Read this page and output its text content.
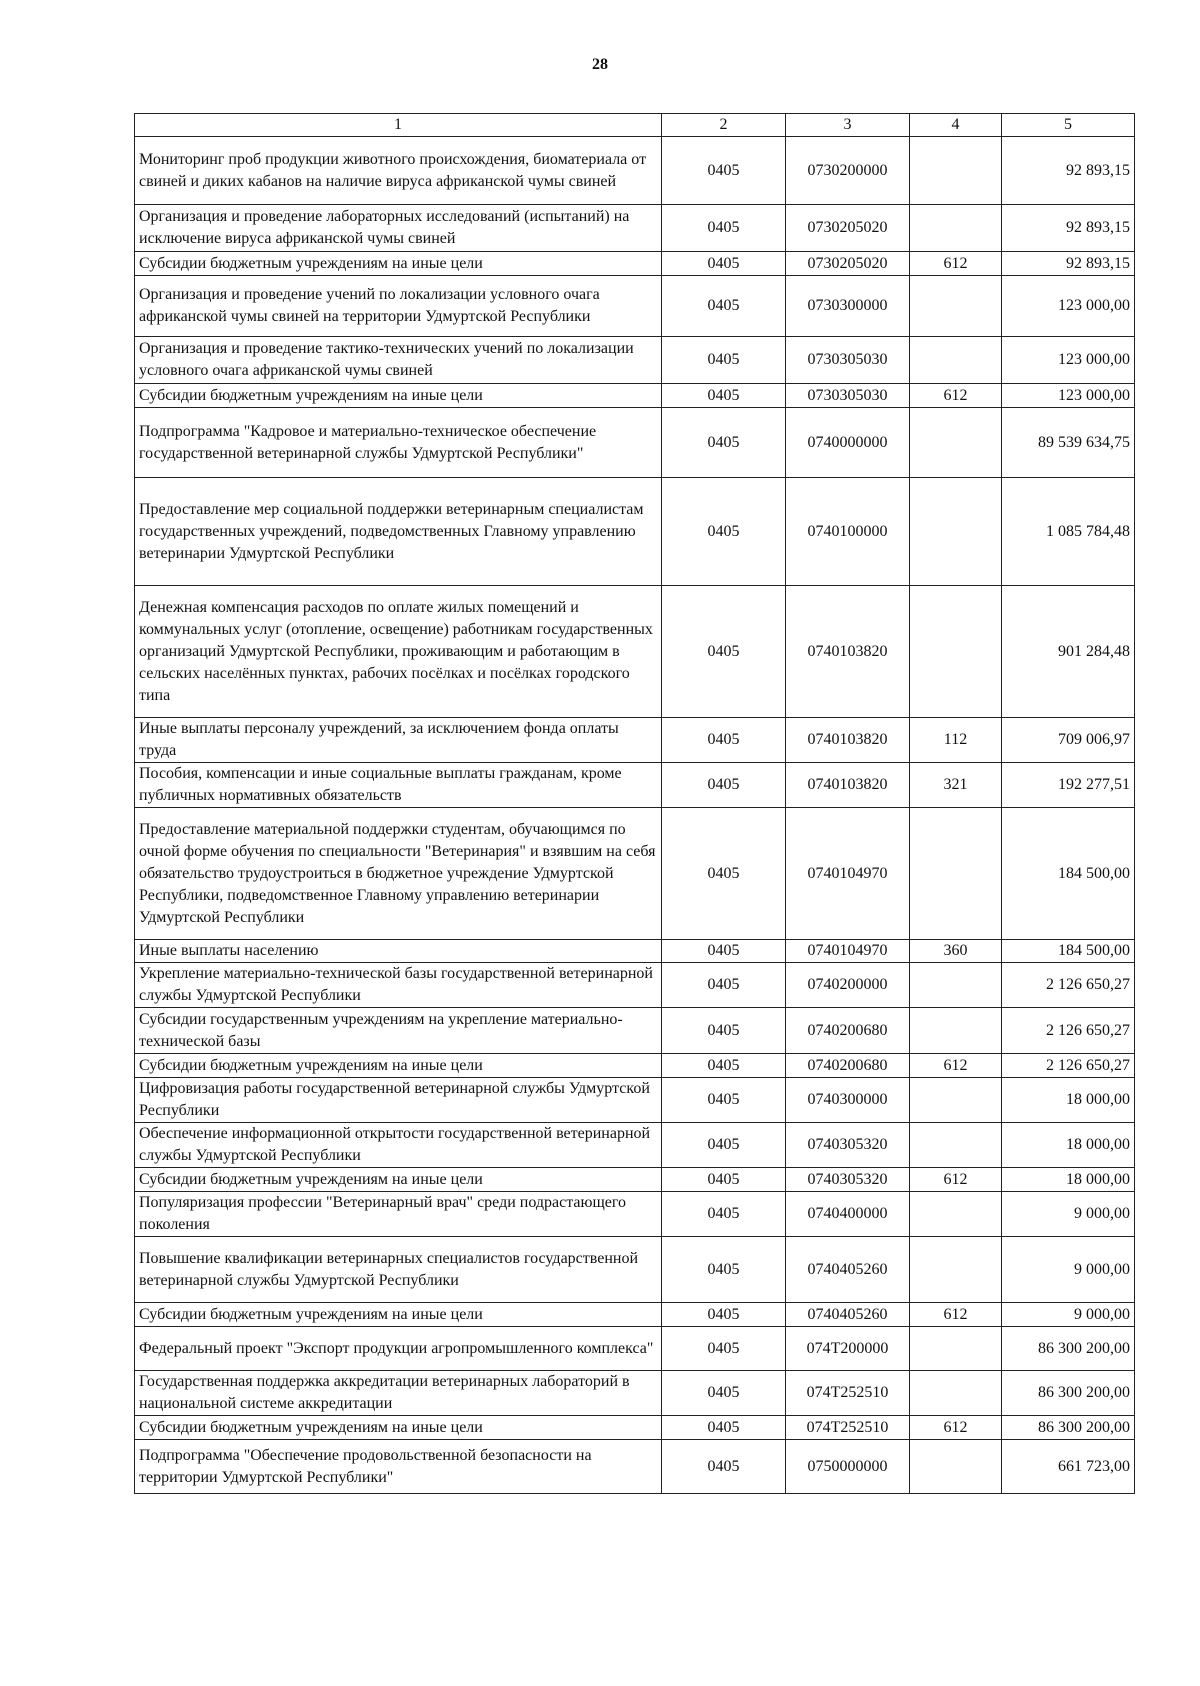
28
1	2	3	4	5
Мониторинг проб продукции животного происхождения, биоматериала от свиней и диких кабанов на наличие вируса африканской чумы свиней	0405	0730200000		92 893,15
Организация и проведение лабораторных исследований (испытаний) на исключение вируса африканской чумы свиней	0405	0730205020		92 893,15
Субсидии бюджетным учреждениям на иные цели	0405	0730205020	612	92 893,15
Организация и проведение учений по локализации условного очага африканской чумы свиней на территории Удмуртской Республики	0405	0730300000		123 000,00
Организация и проведение тактико-технических учений по локализации условного очага африканской чумы свиней	0405	0730305030		123 000,00
Субсидии бюджетным учреждениям на иные цели	0405	0730305030	612	123 000,00
Подпрограмма "Кадровое и материально-техническое обеспечение государственной ветеринарной службы Удмуртской Республики"	0405	0740000000		89 539 634,75
Предоставление мер социальной поддержки ветеринарным специалистам государственных учреждений, подведомственных Главному управлению ветеринарии Удмуртской Республики	0405	0740100000		1 085 784,48
Денежная компенсация расходов по оплате жилых помещений и коммунальных услуг (отопление, освещение) работникам государственных организаций Удмуртской Республики, проживающим и работающим в сельских населённых пунктах, рабочих посёлках и посёлках городского типа	0405	0740103820		901 284,48
Иные выплаты персоналу учреждений, за исключением фонда оплаты труда	0405	0740103820	112	709 006,97
Пособия, компенсации и иные социальные выплаты гражданам, кроме публичных нормативных обязательств	0405	0740103820	321	192 277,51
Предоставление материальной поддержки студентам, обучающимся по очной форме обучения по специальности "Ветеринария" и взявшим на себя обязательство трудоустроиться в бюджетное учреждение Удмуртской Республики, подведомственное Главному управлению ветеринарии Удмуртской Республики	0405	0740104970		184 500,00
Иные выплаты населению	0405	0740104970	360	184 500,00
Укрепление материально-технической базы государственной ветеринарной службы Удмуртской Республики	0405	0740200000		2 126 650,27
Субсидии государственным учреждениям на укрепление материально-технической базы	0405	0740200680		2 126 650,27
Субсидии бюджетным учреждениям на иные цели	0405	0740200680	612	2 126 650,27
Цифровизация работы государственной ветеринарной службы Удмуртской Республики	0405	0740300000		18 000,00
Обеспечение информационной открытости государственной ветеринарной службы Удмуртской Республики	0405	0740305320		18 000,00
Субсидии бюджетным учреждениям на иные цели	0405	0740305320	612	18 000,00
Популяризация профессии "Ветеринарный врач" среди подрастающего поколения	0405	0740400000		9 000,00
Повышение квалификации ветеринарных специалистов государственной ветеринарной службы Удмуртской Республики	0405	0740405260		9 000,00
Субсидии бюджетным учреждениям на иные цели	0405	0740405260	612	9 000,00
Федеральный проект "Экспорт продукции агропромышленного комплекса"	0405	074Т200000		86 300 200,00
Государственная поддержка аккредитации ветеринарных лабораторий в национальной системе аккредитации	0405	074Т252510		86 300 200,00
Субсидии бюджетным учреждениям на иные цели	0405	074Т252510	612	86 300 200,00
Подпрограмма "Обеспечение продовольственной безопасности на территории Удмуртской Республики"	0405	0750000000		661 723,00
